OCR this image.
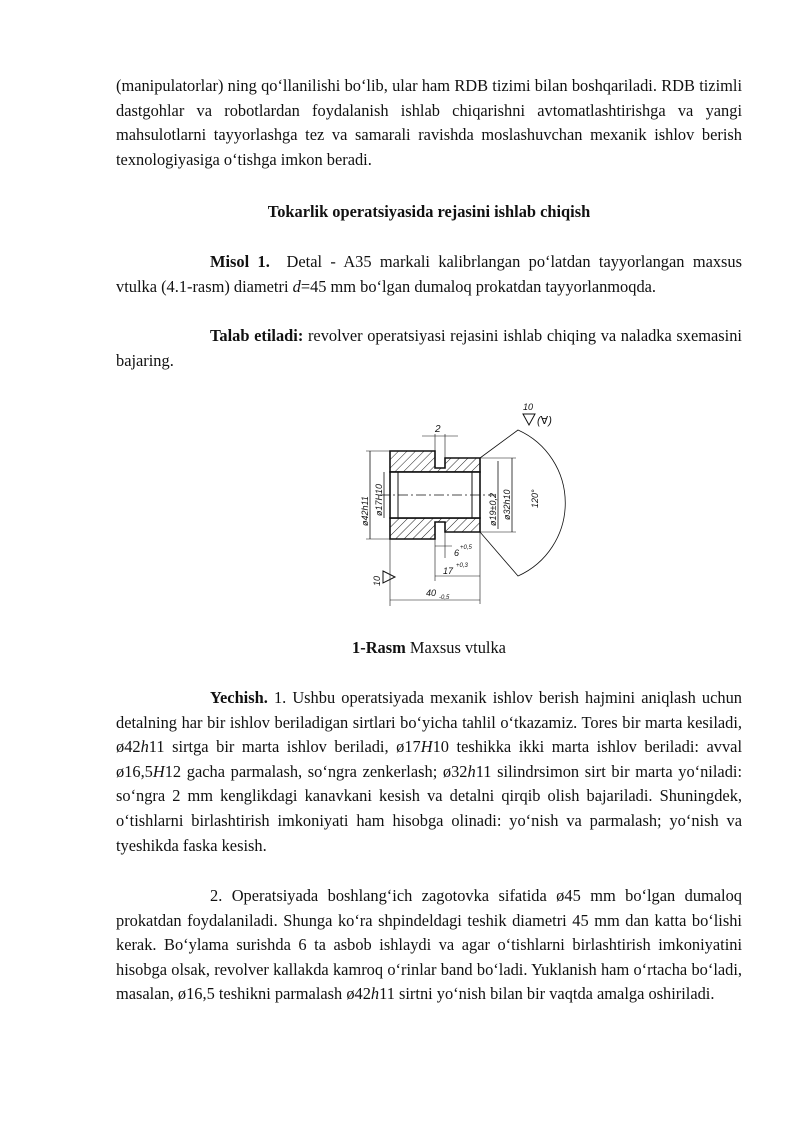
(manipulatorlar) ning qo‘llanilishi bo‘lib, ular ham RDB tizimi bilan boshqariladi. RDB tizimli dastgohlar va robotlardan foydalanish ishlab chiqarishni avtomatlashtirishga va yangi mahsulotlarni tayyorlashga tez va samarali ravishda moslashuvchan mexanik ishlov berish texnologiyasiga o‘tishga imkon beradi.

Tokarlik operatsiyasida rejasini ishlab chiqish

Misol 1. Detal - A35 markali kalibrlangan po‘latdan tayyorlangan maxsus vtulka (4.1-rasm) diametri d=45 mm bo‘lgan dumaloq prokatdan tayyorlanmoqda.

Talab etiladi: revolver operatsiyasi rejasini ishlab chiqing va naladka sxemasini bajaring.

ø42h11 ø17H10
2
ø19±0,2 ø32h10 120°
10
(∀)
10
6 +0,5
17 +0,3
40 -0,5
1-Rasm Maxsus vtulka

Yechish. 1. Ushbu operatsiyada mexanik ishlov berish hajmini aniqlash uchun detalning har bir ishlov beriladigan sirtlari bo‘yicha tahlil o‘tkazamiz. Tores bir marta kesiladi, ø42h11 sirtga bir marta ishlov beriladi, ø17H10 teshikka ikki marta ishlov beriladi: avval ø16,5H12 gacha parmalash, so‘ngra zenkerlash; ø32h11 silindrsimon sirt bir marta yo‘niladi: so‘ngra 2 mm kenglikdagi kanavkani kesish va detalni qirqib olish bajariladi. Shuningdek, o‘tishlarni birlashtirish imkoniyati ham hisobga olinadi: yo‘nish va parmalash; yo‘nish va tyeshikda faska kesish.

2. Operatsiyada boshlang‘ich zagotovka sifatida ø45 mm bo‘lgan dumaloq prokatdan foydalaniladi. Shunga ko‘ra shpindeldagi teshik diametri 45 mm dan katta bo‘lishi kerak. Bo‘ylama surishda 6 ta asbob ishlaydi va agar o‘tishlarni birlashtirish imkoniyatini hisobga olsak, revolver kallakda kamroq o‘rinlar band bo‘ladi. Yuklanish ham o‘rtacha bo‘ladi, masalan, ø16,5 teshikni parmalash ø42h11 sirtni yo‘nish bilan bir vaqtda amalga oshiriladi.
